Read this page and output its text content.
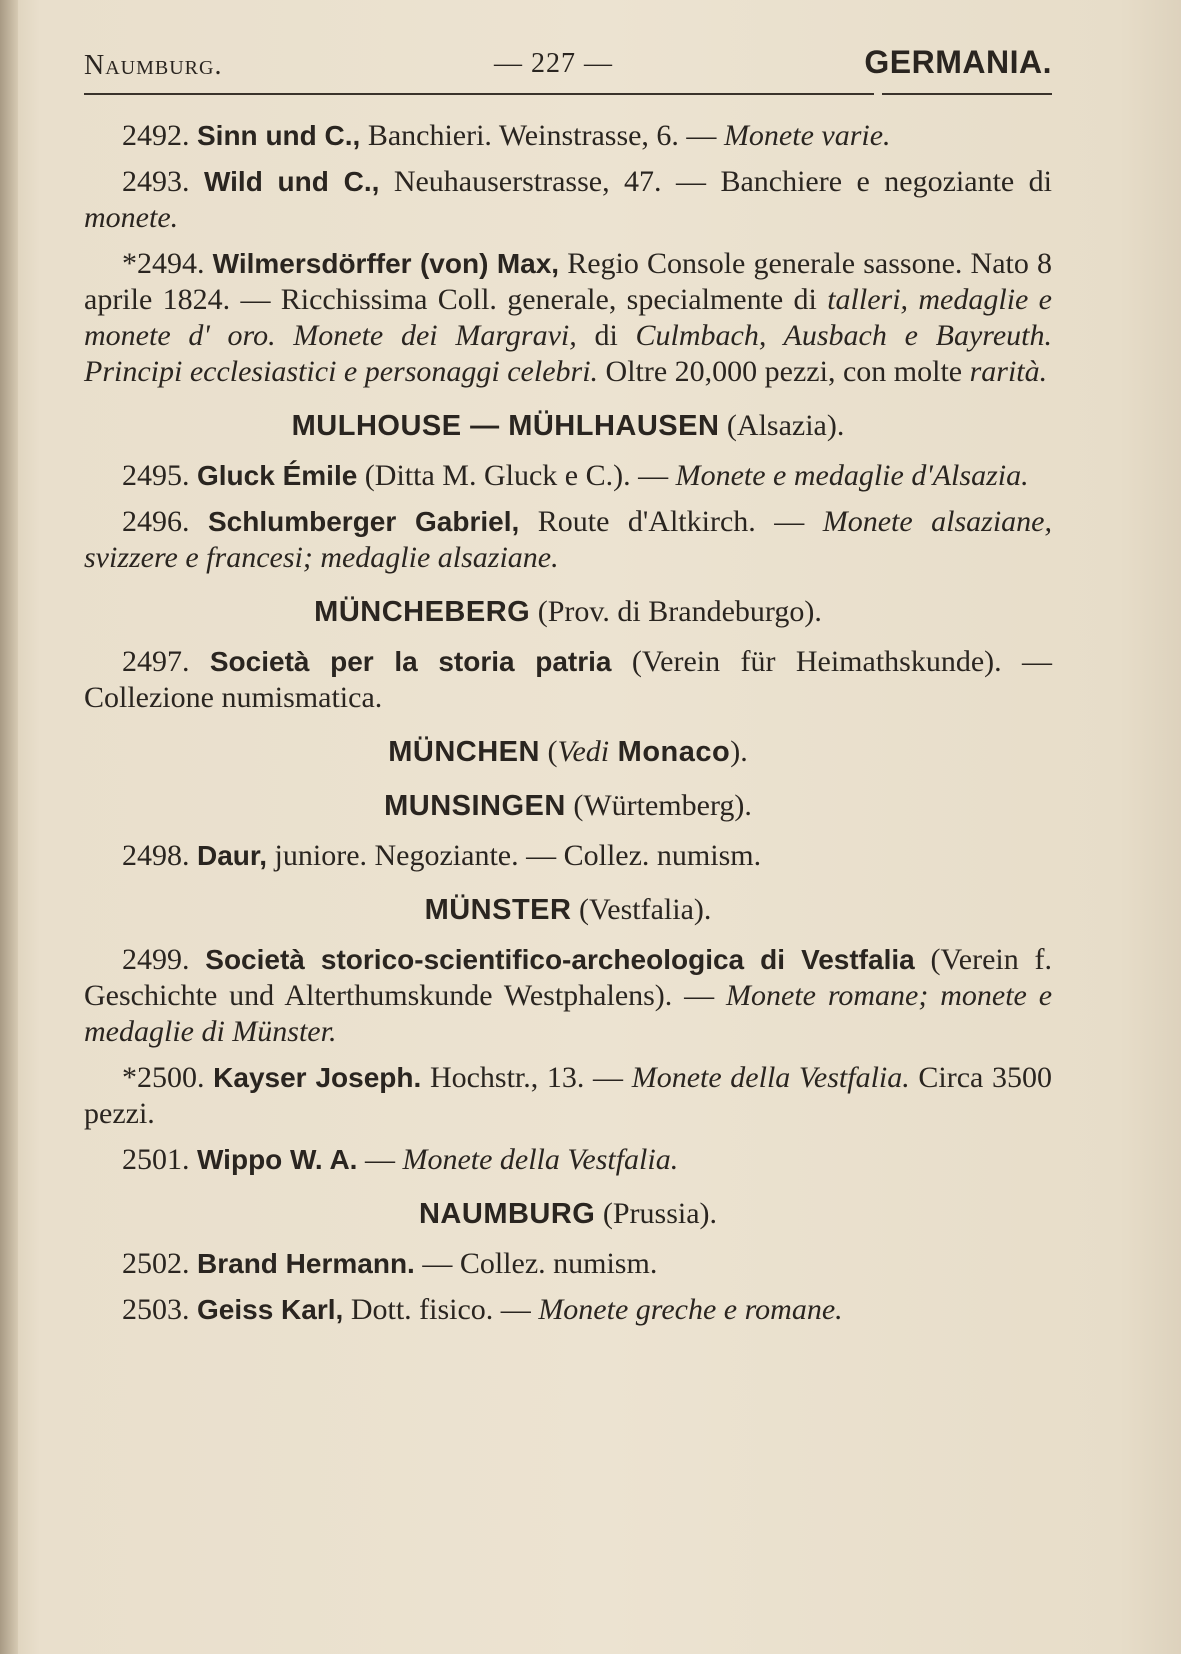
Naumburg.	— 227 —	GERMANIA.

2492. Sinn und C., Banchieri. Weinstrasse, 6. — Monete varie.

2493. Wild und C., Neuhauserstrasse, 47. — Banchiere e negoziante di monete.

*2494. Wilmersdörffer (von) Max, Regio Console generale sassone. Nato 8 aprile 1824. — Ricchissima Coll. generale, specialmente di talleri, medaglie e monete d' oro. Monete dei Margravi, di Culmbach, Ausbach e Bayreuth. Principi ecclesiastici e personaggi celebri. Oltre 20,000 pezzi, con molte rarità.

MULHOUSE — MÜHLHAUSEN (Alsazia).

2495. Gluck Émile (Ditta M. Gluck e C.). — Monete e medaglie d'Alsazia.

2496. Schlumberger Gabriel, Route d'Altkirch. — Monete alsaziane, svizzere e francesi; medaglie alsaziane.

MÜNCHEBERG (Prov. di Brandeburgo).

2497. Società per la storia patria (Verein für Heimathskunde). — Collezione numismatica.

MÜNCHEN (Vedi Monaco).

MUNSINGEN (Würtemberg).

2498. Daur, juniore. Negoziante. — Collez. numism.

MÜNSTER (Vestfalia).

2499. Società storico-scientifico-archeologica di Vestfalia (Verein f. Geschichte und Alterthumskunde Westphalens). — Monete romane; monete e medaglie di Münster.

*2500. Kayser Joseph. Hochstr., 13. — Monete della Vestfalia. Circa 3500 pezzi.

2501. Wippo W. A. — Monete della Vestfalia.

NAUMBURG (Prussia).

2502. Brand Hermann. — Collez. numism.

2503. Geiss Karl, Dott. fisico. — Monete greche e romane.
